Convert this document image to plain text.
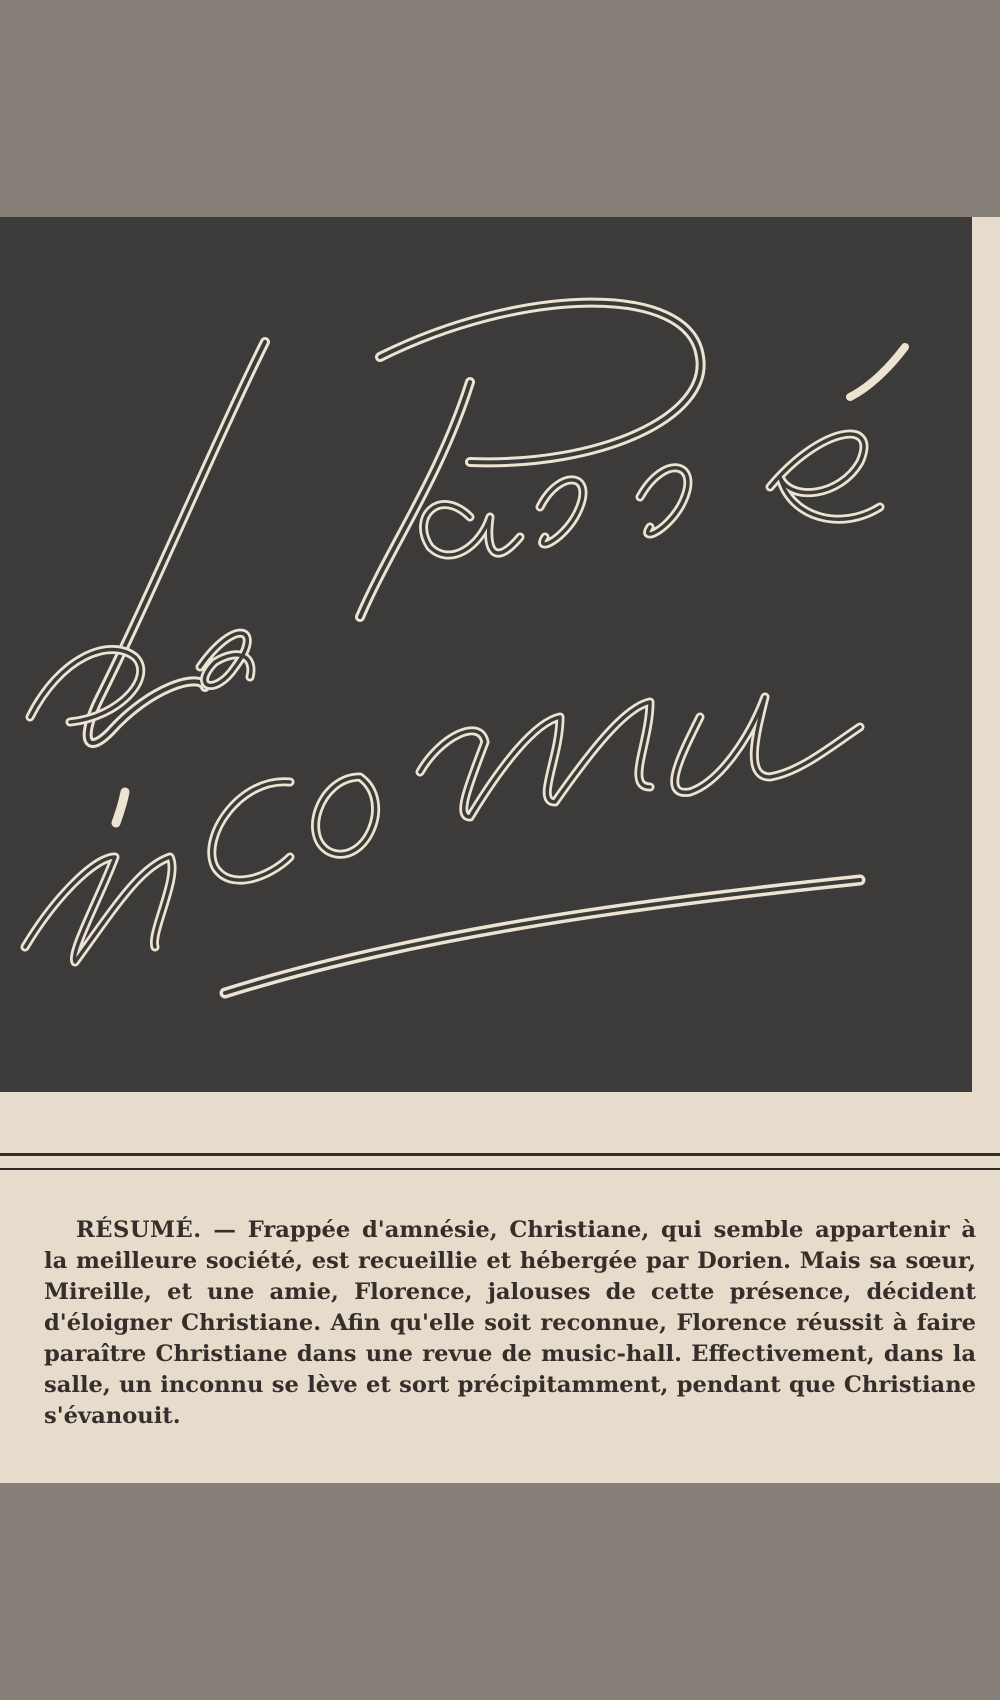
RÉSUMÉ. — Frappée d'amnésie, Christiane, qui semble appartenir à la meilleure société, est recueillie et hébergée par Dorien. Mais sa sœur, Mireille, et une amie, Florence, jalouses de cette présence, décident d'éloigner Christiane. Afin qu'elle soit reconnue, Florence réussit à faire paraître Christiane dans une revue de music-hall. Effectivement, dans la salle, un inconnu se lève et sort précipitamment, pendant que Christiane s'évanouit.
